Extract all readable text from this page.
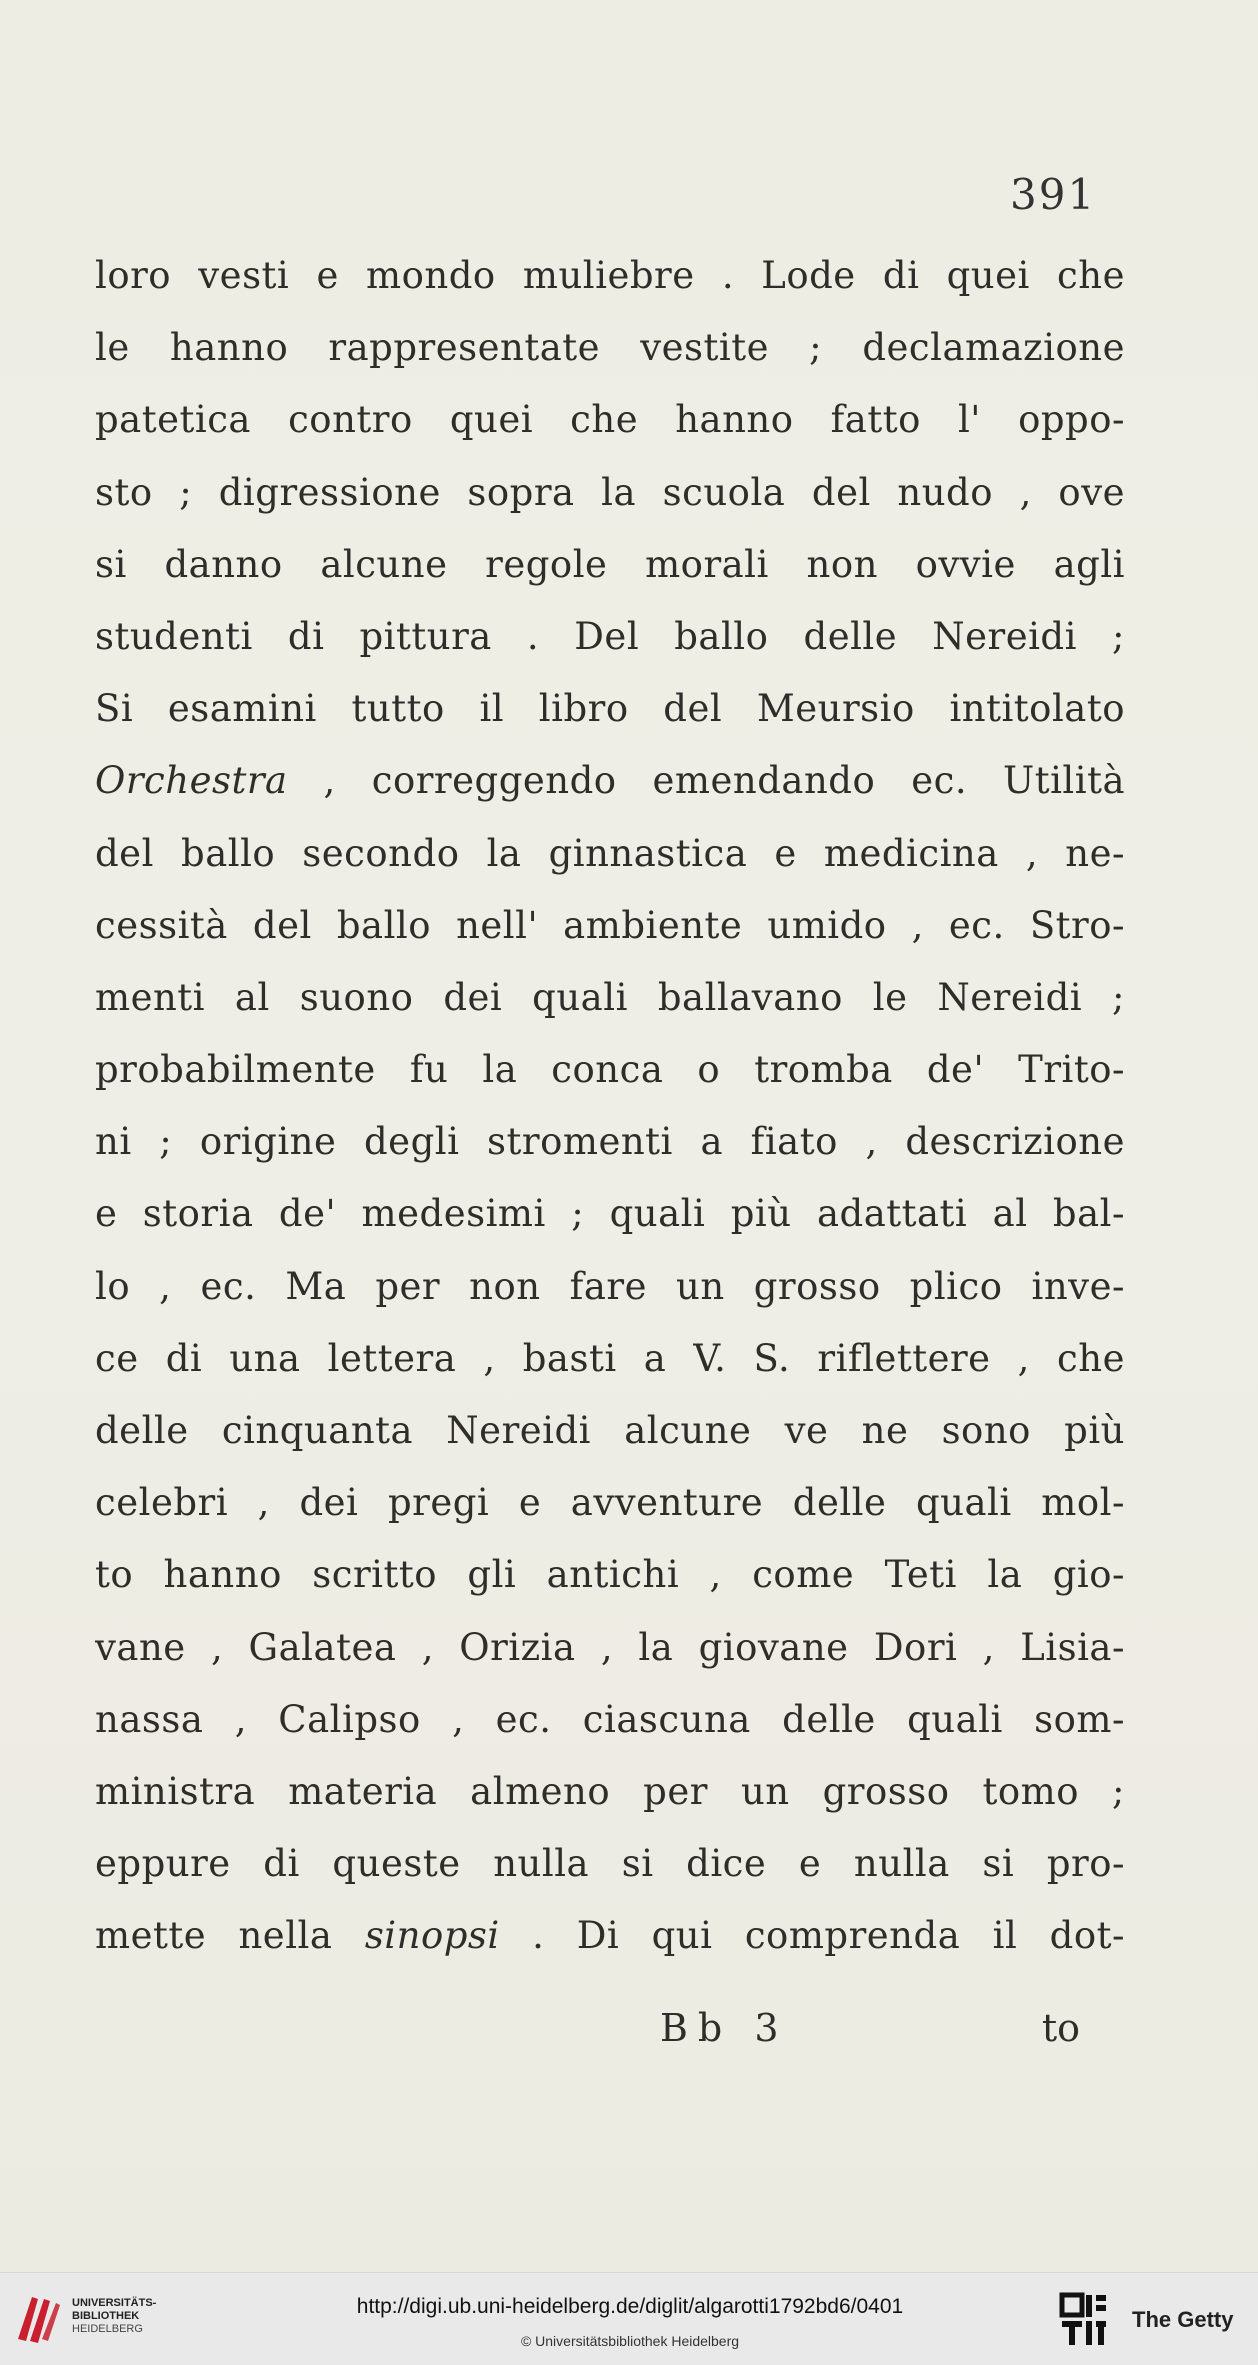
391
loro vesti e mondo muliebre . Lode di quei che
le hanno rappresentate vestite ; declamazione
patetica contro quei che hanno fatto l' oppo-
sto ; digressione sopra la scuola del nudo , ove
si danno alcune regole morali non ovvie agli
studenti di pittura . Del ballo delle Nereidi ;
Si esamini tutto il libro del Meursio intitolato
Orchestra , correggendo emendando ec. Utilità
del ballo secondo la ginnastica e medicina , ne-
cessità del ballo nell' ambiente umido , ec. Stro-
menti al suono dei quali ballavano le Nereidi ;
probabilmente fu la conca o tromba de' Trito-
ni ; origine degli stromenti a fiato , descrizione
e storia de' medesimi ; quali più adattati al bal-
lo , ec. Ma per non fare un grosso plico inve-
ce di una lettera , basti a V. S. riflettere , che
delle cinquanta Nereidi alcune ve ne sono più
celebri , dei pregi e avventure delle quali mol-
to hanno scritto gli antichi , come Teti la gio-
vane , Galatea , Orizia , la giovane Dori , Lisia-
nassa , Calipso , ec. ciascuna delle quali som-
ministra materia almeno per un grosso tomo ;
eppure di queste nulla si dice e nulla si pro-
mette nella sinopsi . Di qui comprenda il dot-
Bb 3	to
UNIVERSITÄTS-
BIBLIOTHEK
HEIDELBERG
http://digi.ub.uni-heidelberg.de/diglit/algarotti1792bd6/0401
© Universitätsbibliothek Heidelberg
The Getty
